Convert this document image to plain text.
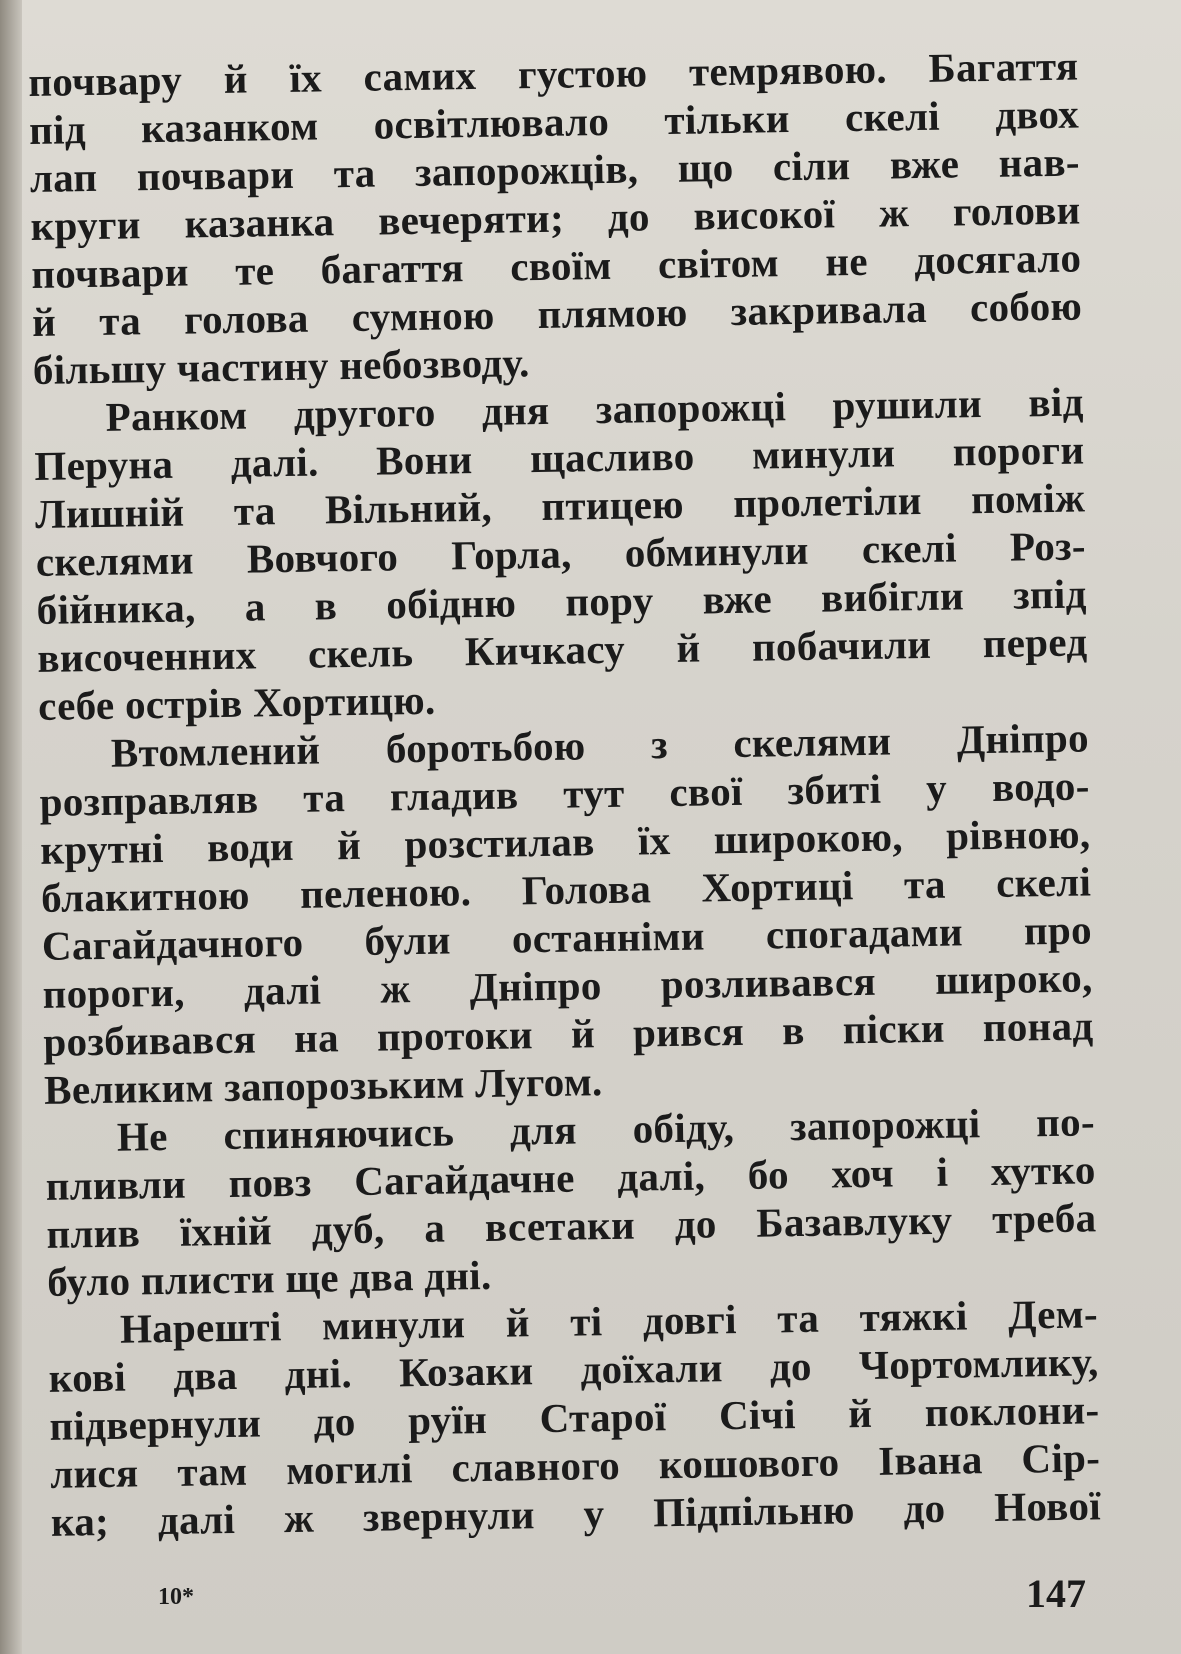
почвару й їх самих густою темрявою. Багаття
під казанком освітлювало тільки скелі двох
лап почвари та запорожців, що сіли вже нав-
круги казанка вечеряти; до високої ж голови
почвари те багаття своїм світом не досягало
й та голова сумною плямою закривала собою
більшу частину небозводу.
Ранком другого дня запорожці рушили від
Перуна далі. Вони щасливо минули пороги
Лишній та Вільний, птицею пролетіли поміж
скелями Вовчого Горла, обминули скелі Роз-
бійника, а в обідню пору вже вибігли зпід
височенних скель Кичкасу й побачили перед
себе острів Хортицю.
Втомлений боротьбою з скелями Дніпро
розправляв та гладив тут свої збиті у водо-
крутні води й розстилав їх широкою, рівною,
блакитною пеленою. Голова Хортиці та скелі
Сагайдачного були останніми спогадами про
пороги, далі ж Дніпро розливався широко,
розбивався на протоки й рився в піски понад
Великим запорозьким Лугом.
Не спиняючись для обіду, запорожці по-
пливли повз Сагайдачне далі, бо хоч і хутко
плив їхній дуб, а всетаки до Базавлуку треба
було плисти ще два дні.
Нарешті минули й ті довгі та тяжкі Дем-
кові два дні. Козаки доїхали до Чортомлику,
підвернули до руїн Старої Січі й поклони-
лися там могилі славного кошового Івана Сір-
ка; далі ж звернули у Підпільню до Нової
10*	147
